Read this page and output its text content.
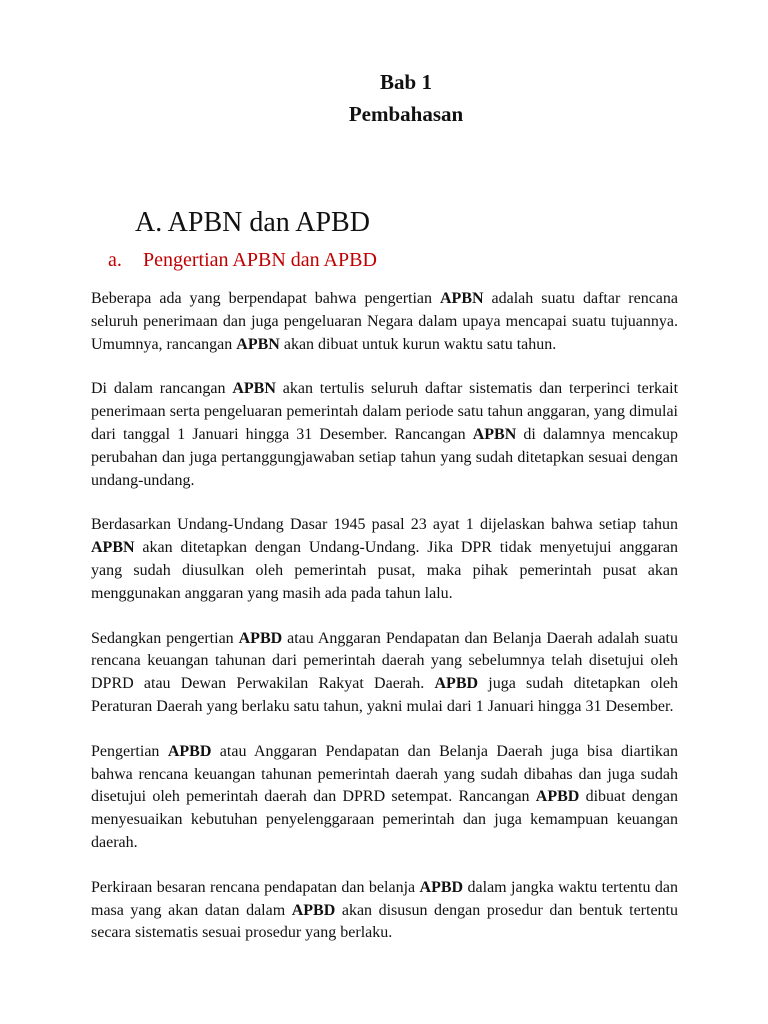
Bab 1
Pembahasan
A. APBN dan APBD
a. Pengertian APBN dan APBD

Beberapa ada yang berpendapat bahwa pengertian APBN adalah suatu daftar rencana seluruh penerimaan dan juga pengeluaran Negara dalam upaya mencapai suatu tujuannya. Umumnya, rancangan APBN akan dibuat untuk kurun waktu satu tahun.

Di dalam rancangan APBN akan tertulis seluruh daftar sistematis dan terperinci terkait penerimaan serta pengeluaran pemerintah dalam periode satu tahun anggaran, yang dimulai dari tanggal 1 Januari hingga 31 Desember. Rancangan APBN di dalamnya mencakup perubahan dan juga pertanggungjawaban setiap tahun yang sudah ditetapkan sesuai dengan undang-undang.

Berdasarkan Undang-Undang Dasar 1945 pasal 23 ayat 1 dijelaskan bahwa setiap tahun APBN akan ditetapkan dengan Undang-Undang. Jika DPR tidak menyetujui anggaran yang sudah diusulkan oleh pemerintah pusat, maka pihak pemerintah pusat akan menggunakan anggaran yang masih ada pada tahun lalu.

Sedangkan pengertian APBD atau Anggaran Pendapatan dan Belanja Daerah adalah suatu rencana keuangan tahunan dari pemerintah daerah yang sebelumnya telah disetujui oleh DPRD atau Dewan Perwakilan Rakyat Daerah. APBD juga sudah ditetapkan oleh Peraturan Daerah yang berlaku satu tahun, yakni mulai dari 1 Januari hingga 31 Desember.

Pengertian APBD atau Anggaran Pendapatan dan Belanja Daerah juga bisa diartikan bahwa rencana keuangan tahunan pemerintah daerah yang sudah dibahas dan juga sudah disetujui oleh pemerintah daerah dan DPRD setempat. Rancangan APBD dibuat dengan menyesuaikan kebutuhan penyelenggaraan pemerintah dan juga kemampuan keuangan daerah.

Perkiraan besaran rencana pendapatan dan belanja APBD dalam jangka waktu tertentu dan masa yang akan datan dalam APBD akan disusun dengan prosedur dan bentuk tertentu secara sistematis sesuai prosedur yang berlaku.
